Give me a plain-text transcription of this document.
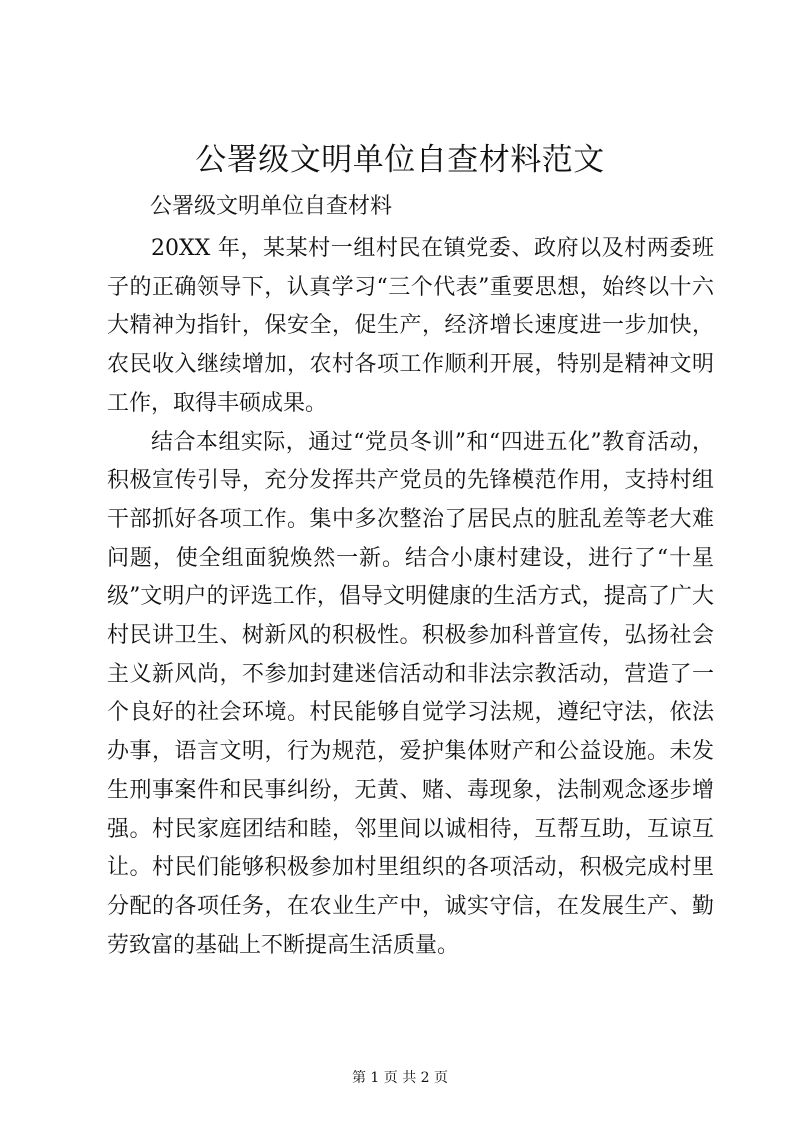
公署级文明单位自查材料范文
公署级文明单位自查材料

20XX 年，某某村一组村民在镇党委、政府以及村两委班子的正确领导下，认真学习“三个代表”重要思想，始终以十六大精神为指针，保安全，促生产，经济增长速度进一步加快，农民收入继续增加，农村各项工作顺利开展，特别是精神文明工作，取得丰硕成果。

结合本组实际，通过“党员冬训”和“四进五化”教育活动，积极宣传引导，充分发挥共产党员的先锋模范作用，支持村组干部抓好各项工作。集中多次整治了居民点的脏乱差等老大难问题，使全组面貌焕然一新。结合小康村建设，进行了“十星级”文明户的评选工作，倡导文明健康的生活方式，提高了广大村民讲卫生、树新风的积极性。积极参加科普宣传，弘扬社会主义新风尚，不参加封建迷信活动和非法宗教活动，营造了一个良好的社会环境。村民能够自觉学习法规，遵纪守法，依法办事，语言文明，行为规范，爱护集体财产和公益设施。未发生刑事案件和民事纠纷，无黄、赌、毒现象，法制观念逐步增强。村民家庭团结和睦，邻里间以诚相待，互帮互助，互谅互让。村民们能够积极参加村里组织的各项活动，积极完成村里分配的各项任务，在农业生产中，诚实守信，在发展生产、勤劳致富的基础上不断提高生活质量。

第 1 页 共 2 页
